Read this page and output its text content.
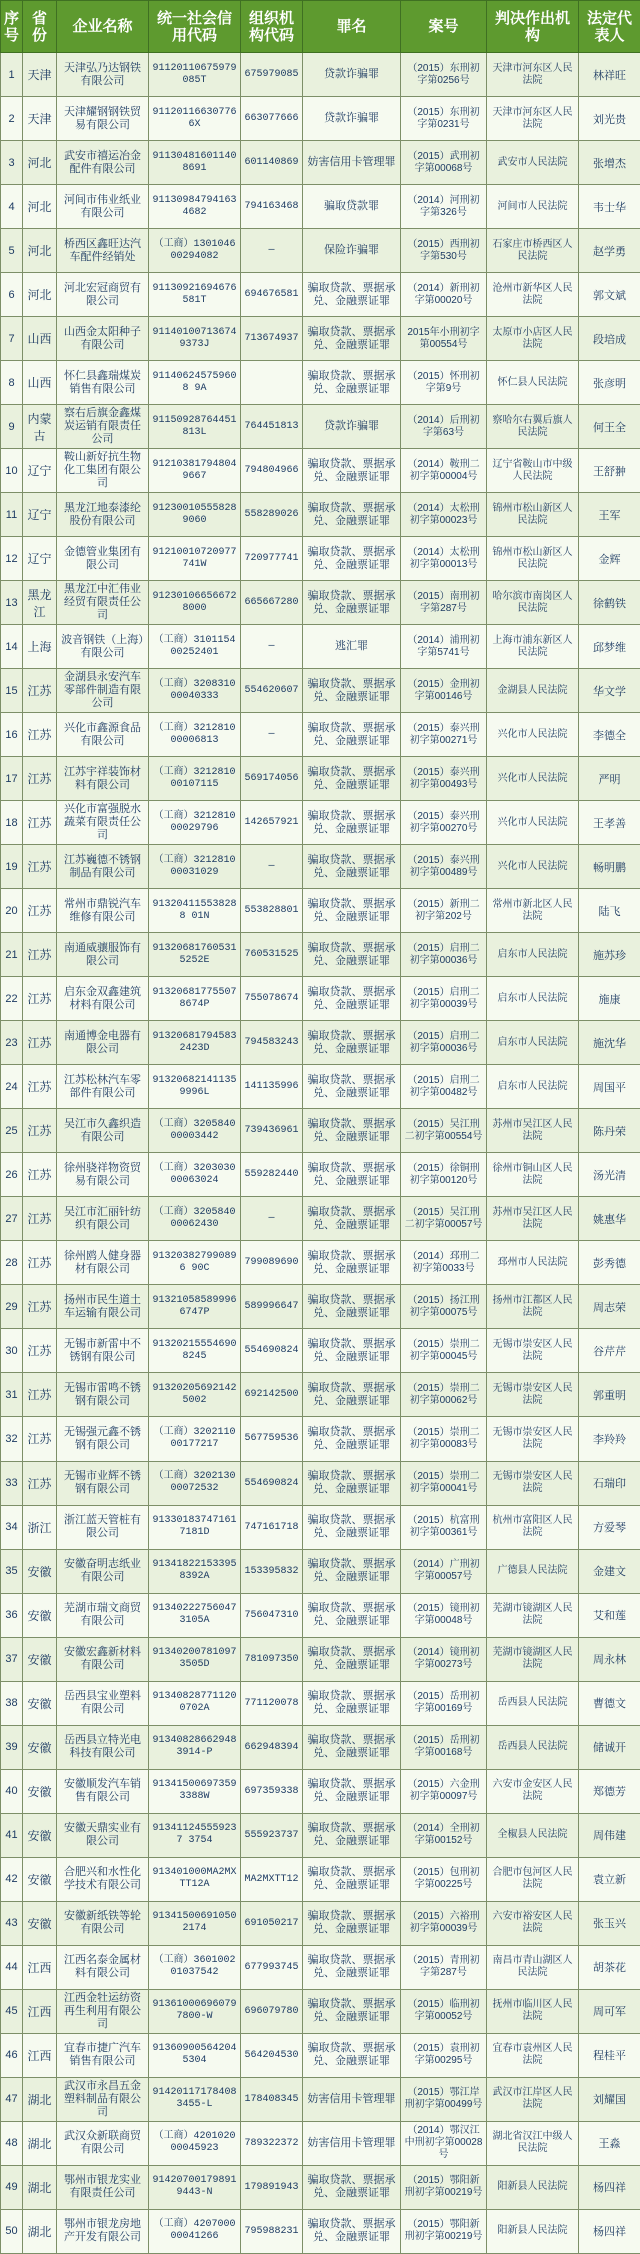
序号	省份	企业名称	统一社会信用代码	组织机构代码	罪名	案号	判决作出机构	法定代表人
1	天津	天津弘乃达钢铁有限公司	91120110675979085T	675979085	贷款诈骗罪	（2015）东刑初字第0256号	天津市河东区人民法院	林祥旺
2	天津	天津耀钢钢铁贸易有限公司	911201166307766X	663077666	贷款诈骗罪	（2015）东刑初字第0231号	天津市河东区人民法院	刘光贵
3	河北	武安市禧运冶金配件有限公司	911304816011408691	601140869	妨害信用卡管理罪	（2015）武刑初字第00068号	武安市人民法院	张增杰
4	河北	河间市伟业纸业有限公司	911309847941634682	794163468	骗取贷款罪	（2014）河刑初字第326号	河间市人民法院	韦士华
5	河北	桥西区鑫旺达汽车配件经销处	（工商）130104600294082	—	保险诈骗罪	（2015）西刑初字第530号	石家庄市桥西区人民法院	赵学勇
6	河北	河北宏冠商贸有限公司	91130921694676581T	694676581	骗取贷款、票据承兑、金融票证罪	（2014）新刑初字第00020号	沧州市新华区人民法院	郭文斌
7	山西	山西金太阳种子有限公司	911401007136749373J	713674937	骗取贷款、票据承兑、金融票证罪	2015年小刑初字第00554号	太原市小店区人民法院	段培成
8	山西	怀仁县鑫瑞煤炭销售有限公司	911406245759608 9A		骗取贷款、票据承兑、金融票证罪	（2015）怀刑初字第9号	怀仁县人民法院	张彦明
9	内蒙古	察右后旗金鑫煤炭运销有限责任公司	91150928764451813L	764451813	贷款诈骗罪	（2014）后刑初字第63号	察哈尔右翼后旗人民法院	何王全
10	辽宁	鞍山新好抗生物化工集团有限公司	912103817948049667	794804966	骗取贷款、票据承兑、金融票证罪	（2014）鞍刑二初字第00004号	辽宁省鞍山市中级人民法院	王舒翀
11	辽宁	黑龙江地泰漆纶股份有限公司	912300105558289060	558289026	骗取贷款、票据承兑、金融票证罪	（2014）太松刑初字第00023号	锦州市松山新区人民法院	王军
12	辽宁	金德管业集团有限公司	91210010720977741W	720977741	骗取贷款、票据承兑、金融票证罪	（2014）太松刑初字第00013号	锦州市松山新区人民法院	金辉
13	黑龙江	黑龙江中汇伟业经贸有限责任公司	912301066566728000	665667280	骗取贷款、票据承兑、金融票证罪	（2015）南刑初字第287号	哈尔滨市南岗区人民法院	徐鹤铁
14	上海	波音钢铁（上海）有限公司	（工商）310115400252401	—	逃汇罪	（2014）浦刑初字第5741号	上海市浦东新区人民法院	邱梦维
15	江苏	金湖县永安汽车零部件制造有限公司	（工商）320831000040333	554620607	骗取贷款、票据承兑、金融票证罪	（2015）金刑初字第00146号	金湖县人民法院	华文学
16	江苏	兴化市鑫源食品有限公司	（工商）321281000006813	—	骗取贷款、票据承兑、金融票证罪	（2015）泰兴刑初字第00271号	兴化市人民法院	李德全
17	江苏	江苏宇祥装饰材料有限公司	（工商）321281000107115	569174056	骗取贷款、票据承兑、金融票证罪	（2015）泰兴刑初字第00493号	兴化市人民法院	严明
18	江苏	兴化市富强脱水蔬菜有限责任公司	（工商）321281000029796	142657921	骗取贷款、票据承兑、金融票证罪	（2015）泰兴刑初字第00270号	兴化市人民法院	王孝善
19	江苏	江苏巍德不锈钢制品有限公司	（工商）321281000031029	—	骗取贷款、票据承兑、金融票证罪	（2015）泰兴刑初字第00489号	兴化市人民法院	畅明鹏
20	江苏	常州市鼎锐汽车维修有限公司	913204115538288 01N	553828801	骗取贷款、票据承兑、金融票证罪	（2015）新刑二初字第202号	常州市新北区人民法院	陆飞
21	江苏	南通威骧服饰有限公司	913206817605315252E	760531525	骗取贷款、票据承兑、金融票证罪	（2015）启刑二初字第00036号	启东市人民法院	施苏珍
22	江苏	启东金双鑫建筑材料有限公司	913206817755078674P	755078674	骗取贷款、票据承兑、金融票证罪	（2015）启刑二初字第00039号	启东市人民法院	施康
23	江苏	南通博金电器有限公司	913206817945832423D	794583243	骗取贷款、票据承兑、金融票证罪	（2015）启刑二初字第00036号	启东市人民法院	施沈华
24	江苏	江苏松林汽车零部件有限公司	913206821411359996L	141135996	骗取贷款、票据承兑、金融票证罪	（2015）启刑二初字第00482号	启东市人民法院	周国平
25	江苏	吴江市久鑫织造有限公司	（工商）320584000003442	739436961	骗取贷款、票据承兑、金融票证罪	（2015）吴江刑二初字第00554号	苏州市吴江区人民法院	陈丹荣
26	江苏	徐州骁祥物资贸易有限公司	（工商）320303000063024	559282440	骗取贷款、票据承兑、金融票证罪	（2015）徐铜刑初字第00120号	徐州市铜山区人民法院	汤光清
27	江苏	吴江市汇丽针纺织有限公司	（工商）320584000062430	—	骗取贷款、票据承兑、金融票证罪	（2015）吴江刑二初字第00057号	苏州市吴江区人民法院	姚惠华
28	江苏	徐州鸥人健身器材有限公司	913203827990896 90C	799089690	骗取贷款、票据承兑、金融票证罪	（2014）邳刑二初字第0033号	邳州市人民法院	彭秀德
29	江苏	扬州市民生道土车运输有限公司	913210585899966747P	589996647	骗取贷款、票据承兑、金融票证罪	（2015）扬江刑初字第00075号	扬州市江都区人民法院	周志荣
30	江苏	无锡市新雷中不锈钢有限公司	913202155546908245	554690824	骗取贷款、票据承兑、金融票证罪	（2015）崇刑二初字第00045号	无锡市崇安区人民法院	谷芹芹
31	江苏	无锡市雷鸣不锈钢有限公司	913202056921425002	692142500	骗取贷款、票据承兑、金融票证罪	（2015）崇刑二初字第00062号	无锡市崇安区人民法院	郭重明
32	江苏	无锡强元鑫不锈钢有限公司	（工商）320211000177217	567759536	骗取贷款、票据承兑、金融票证罪	（2015）崇刑二初字第00083号	无锡市崇安区人民法院	李羚羚
33	江苏	无锡市业辉不锈钢有限公司	（工商）320213000072532	554690824	骗取贷款、票据承兑、金融票证罪	（2015）崇刑二初字第00041号	无锡市崇安区人民法院	石瑞印
34	浙江	浙江蓝天管桩有限公司	913301837471617181D	747161718	骗取贷款、票据承兑、金融票证罪	（2015）杭富刑初字第00361号	杭州市富阳区人民法院	方爱琴
35	安徽	安徽奋明志纸业有限公司	913418221533958392A	153395832	骗取贷款、票据承兑、金融票证罪	（2014）广刑初字第00057号	广德县人民法院	金建文
36	安徽	芜湖市瑞文商贸有限公司	913402227560473105A	756047310	骗取贷款、票据承兑、金融票证罪	（2015）镜刑初字第00048号	芜湖市镜湖区人民法院	艾和莲
37	安徽	安徽宏鑫新材料有限公司	913402007810973505D	781097350	骗取贷款、票据承兑、金融票证罪	（2014）镜刑初字第00273号	芜湖市镜湖区人民法院	周永林
38	安徽	岳西县宝业塑料有限公司	913408287711200702A	771120078	骗取贷款、票据承兑、金融票证罪	（2015）岳刑初字第00169号	岳西县人民法院	曹德文
39	安徽	岳西县立特光电科技有限公司	913408286629483914-P	662948394	骗取贷款、票据承兑、金融票证罪	（2015）岳刑初字第00168号	岳西县人民法院	储诚开
40	安徽	安徽顺发汽车销售有限公司	913415006973593388W	697359338	骗取贷款、票据承兑、金融票证罪	（2015）六金刑初字第00097号	六安市金安区人民法院	郑德芳
41	安徽	安徽天鼎实业有限公司	913411245559237 3754	555923737	骗取贷款、票据承兑、金融票证罪	（2014）全刑初字第00152号	全椒县人民法院	周伟建
42	安徽	合肥兴和水性化学技术有限公司	913401000MA2MXTT12A	MA2MXTT12	骗取贷款、票据承兑、金融票证罪	（2015）包刑初字第00225号	合肥市包河区人民法院	袁立新
43	安徽	安徽新纸铁等轮有限公司	913415006910502174	691050217	骗取贷款、票据承兑、金融票证罪	（2015）六裕刑初字第00039号	六安市裕安区人民法院	张玉兴
44	江西	江西名泰金属材料有限公司	（工商）360100201037542	677993745	骗取贷款、票据承兑、金融票证罪	（2015）青刑初字第287号	南昌市青山湖区人民法院	胡茶花
45	江西	江西金牡运纺资再生利用有限公司	913610006960797800-W	696079780	骗取贷款、票据承兑、金融票证罪	（2015）临刑初字第00052号	抚州市临川区人民法院	周可军
46	江西	宜春市捷广汽车销售有限公司	913609005642045304	564204530	骗取贷款、票据承兑、金融票证罪	（2015）袁刑初字第00295号	宜春市袁州区人民法院	程桂平
47	湖北	武汉市永昌五金塑料制品有限公司	914201171784083455-L	178408345	妨害信用卡管理罪	（2015）鄂江岸刑初字第00499号	武汉市江岸区人民法院	刘耀国
48	湖北	武汉众新联商贸有限公司	（工商）420102000045923	789322372	妨害信用卡管理罪	（2014）鄂汉江中刑初字第00028号	湖北省汉江中级人民法院	王淼
49	湖北	鄂州市银龙实业有限责任公司	914207001798919443-N	179891943	骗取贷款、票据承兑、金融票证罪	（2015）鄂阳新刑初字第00219号	阳新县人民法院	杨四祥
50	湖北	鄂州市银龙房地产开发有限公司	（工商）420700000041266	795988231	骗取贷款、票据承兑、金融票证罪	（2015）鄂阳新刑初字第00219号	阳新县人民法院	杨四祥
